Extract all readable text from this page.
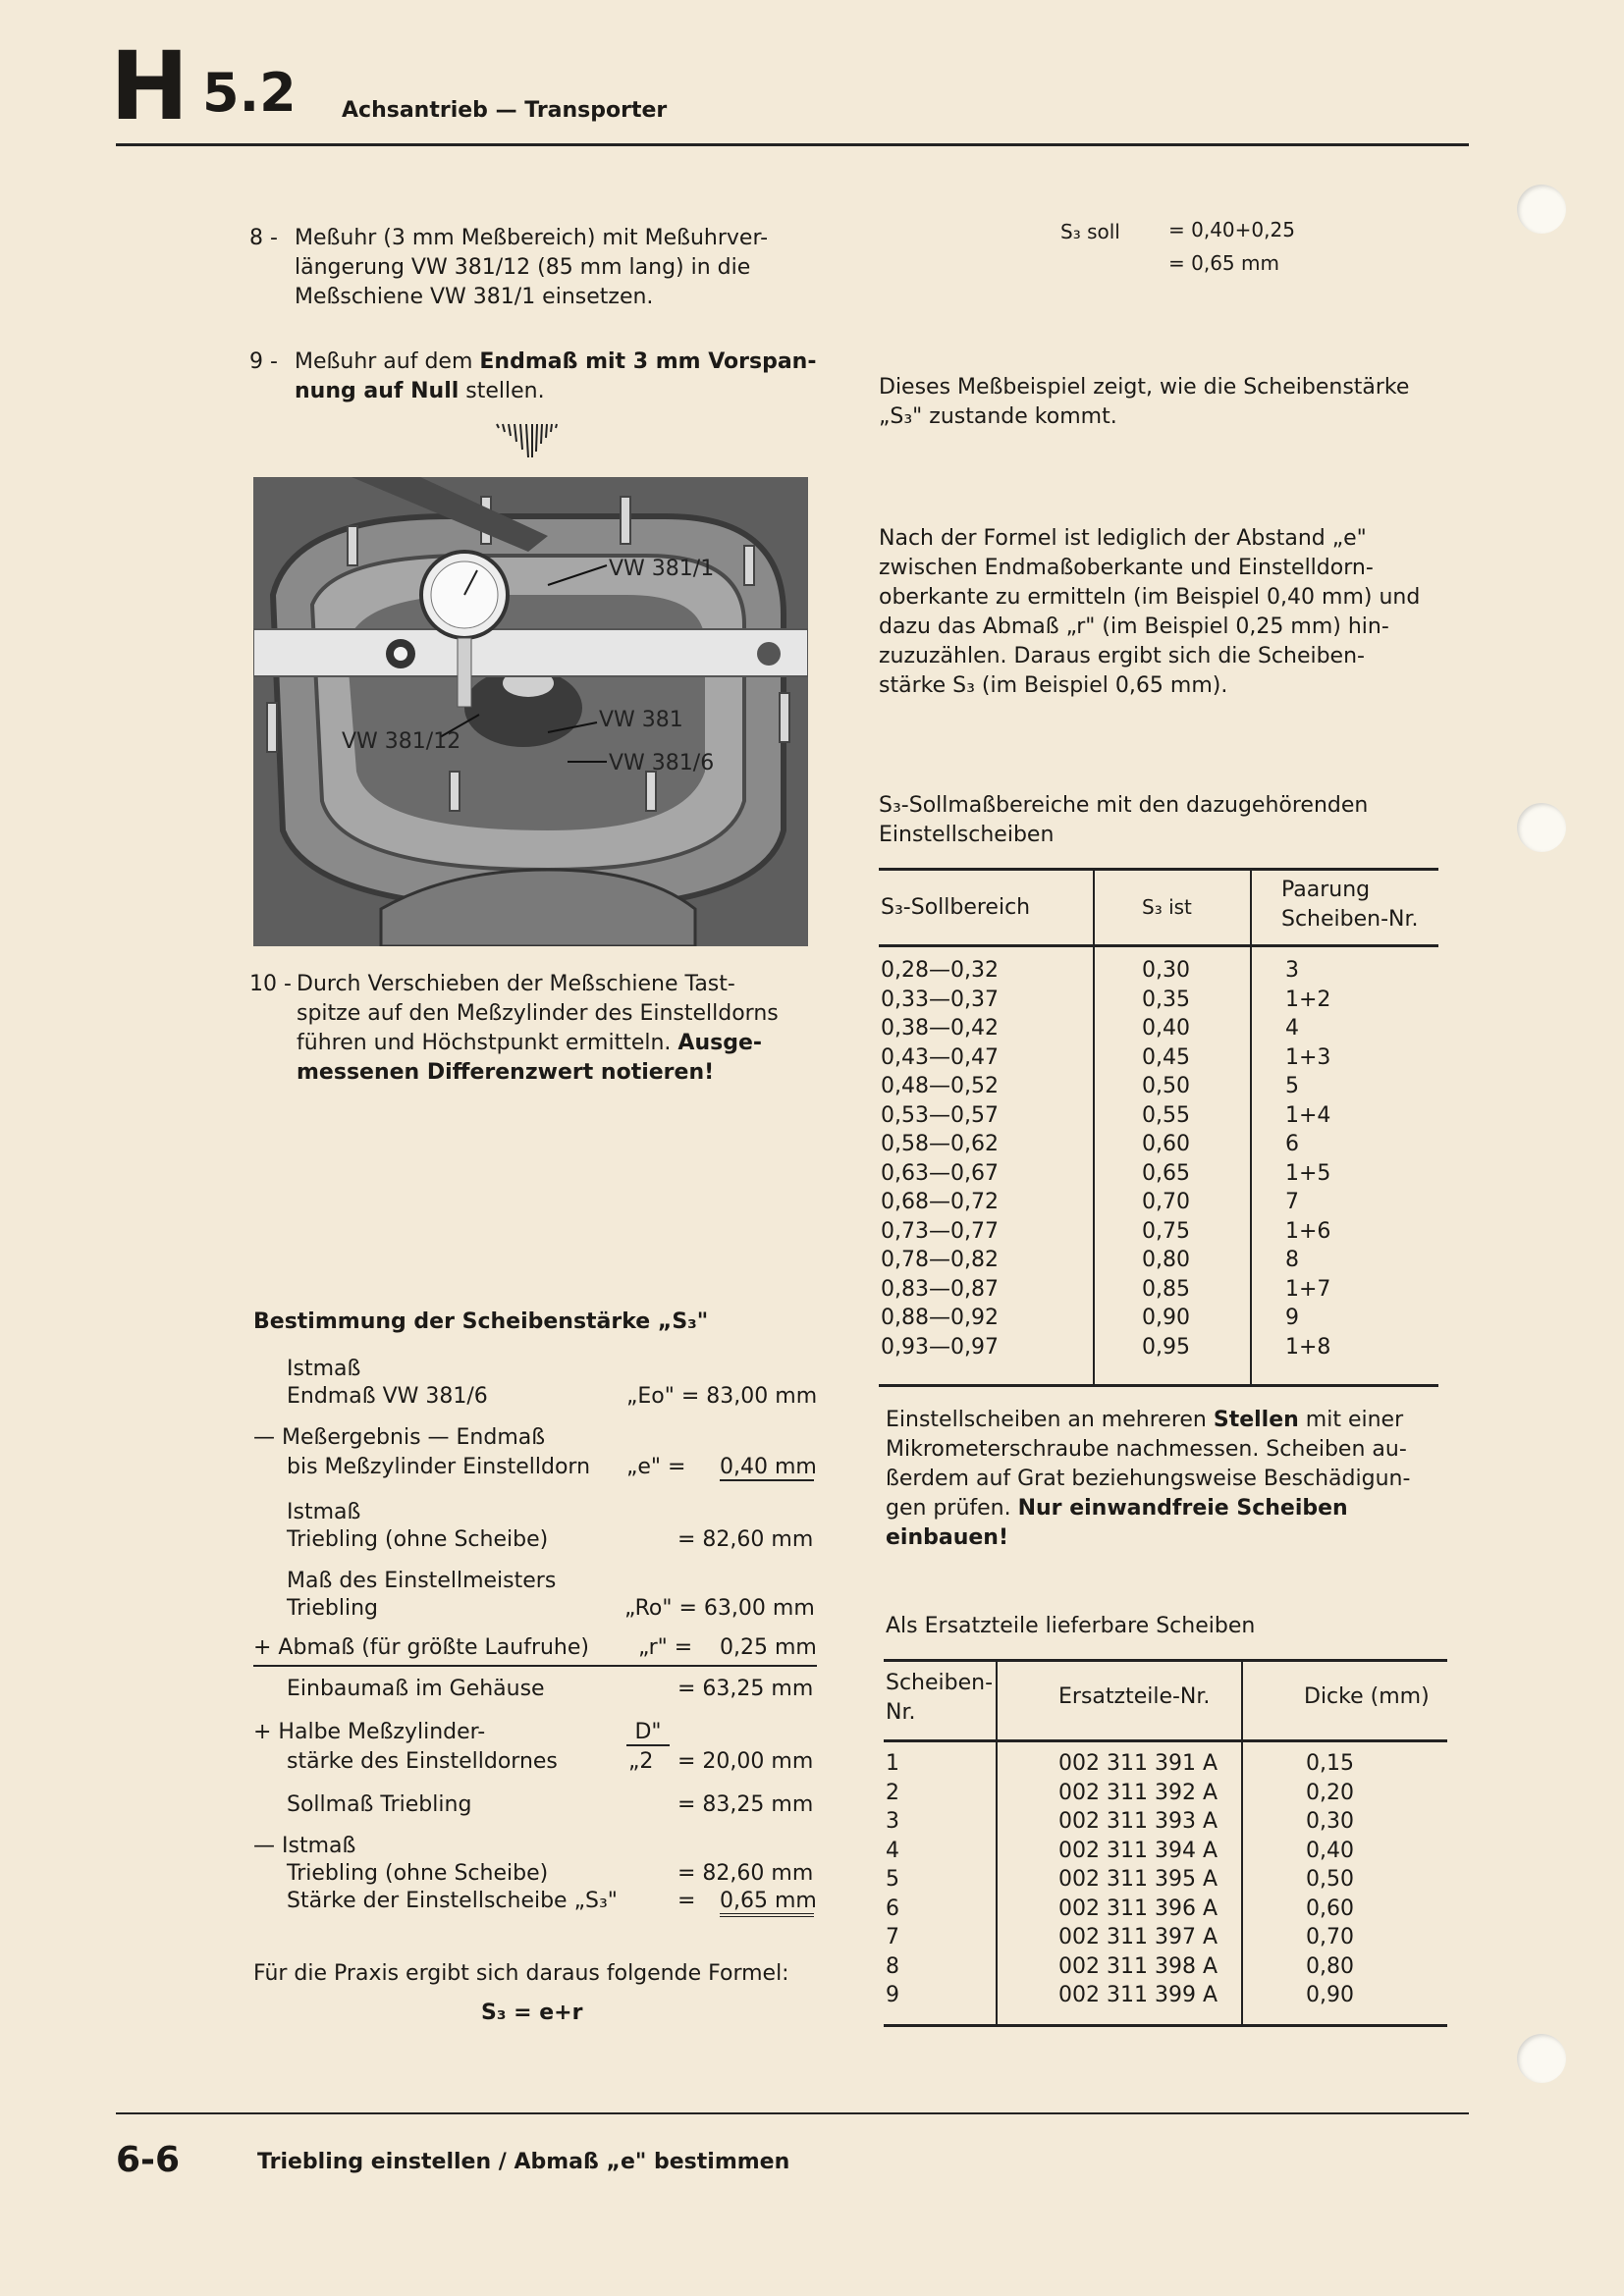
H 5.2 Achsantrieb — Transporter
8 - Meßuhr (3 mm Meßbereich) mit Meßuhrver-
längerung VW 381/12 (85 mm lang) in die
Meßschiene VW 381/1 einsetzen.
9 - Meßuhr auf dem Endmaß mit 3 mm Vorspan-
nung auf Null stellen.
VW 381/1
VW 381/12
VW 381
VW 381/6
10 - Durch Verschieben der Meßschiene Tast-
spitze auf den Meßzylinder des Einstelldorns
führen und Höchstpunkt ermitteln. Ausge-
messenen Differenzwert notieren!
Bestimmung der Scheibenstärke „S₃"
Istmaß
Endmaß VW 381/6	„Eo" = 83,00 mm
— Meßergebnis — Endmaß
bis Meßzylinder Einstelldorn „e" = 0,40 mm
Istmaß
Triebling (ohne Scheibe)	= 82,60 mm
Maß des Einstellmeisters
Triebling	„Ro" = 63,00 mm
+ Abmaß (für größte Laufruhe) „r" = 0,25 mm
Einbaumaß im Gehäuse	= 63,25 mm
+ Halbe Meßzylinder-
stärke des Einstelldornes
D"
„2 = 20,00 mm
Sollmaß Triebling	= 83,25 mm
— Istmaß
Triebling (ohne Scheibe)	= 82,60 mm
Stärke der Einstellscheibe „S₃"	= 0,65 mm
Für die Praxis ergibt sich daraus folgende Formel:
S₃ = e+r
S₃ soll = 0,40+0,25
= 0,65 mm
Dieses Meßbeispiel zeigt, wie die Scheibenstärke
„S₃" zustande kommt.
Nach der Formel ist lediglich der Abstand „e"
zwischen Endmaßoberkante und Einstelldorn-
oberkante zu ermitteln (im Beispiel 0,40 mm) und
dazu das Abmaß „r" (im Beispiel 0,25 mm) hin-
zuzuzählen. Daraus ergibt sich die Scheiben-
stärke S₃ (im Beispiel 0,65 mm).
S₃-Sollmaßbereiche mit den dazugehörenden
Einstellscheiben
S₃-Sollbereich	S₃ ist
Paarung
Scheiben-Nr.
0,28—0,32	0,30	3
0,33—0,37	0,35	1+2
0,38—0,42	0,40	4
0,43—0,47	0,45	1+3
0,48—0,52	0,50	5
0,53—0,57	0,55	1+4
0,58—0,62	0,60	6
0,63—0,67	0,65	1+5
0,68—0,72	0,70	7
0,73—0,77	0,75	1+6
0,78—0,82	0,80	8
0,83—0,87	0,85	1+7
0,88—0,92	0,90	9
0,93—0,97	0,95	1+8
Einstellscheiben an mehreren Stellen mit einer
Mikrometerschraube nachmessen. Scheiben au-
ßerdem auf Grat beziehungsweise Beschädigun-
gen prüfen. Nur einwandfreie Scheiben einbauen!
Als Ersatzteile lieferbare Scheiben
Scheiben-
Nr.
Ersatzteile-Nr.	Dicke (mm)
1	002 311 391 A	0,15
2	002 311 392 A	0,20
3	002 311 393 A	0,30
4	002 311 394 A	0,40
5	002 311 395 A	0,50
6	002 311 396 A	0,60
7	002 311 397 A	0,70
8	002 311 398 A	0,80
9	002 311 399 A	0,90
6-6	Triebling einstellen / Abmaß „e" bestimmen
